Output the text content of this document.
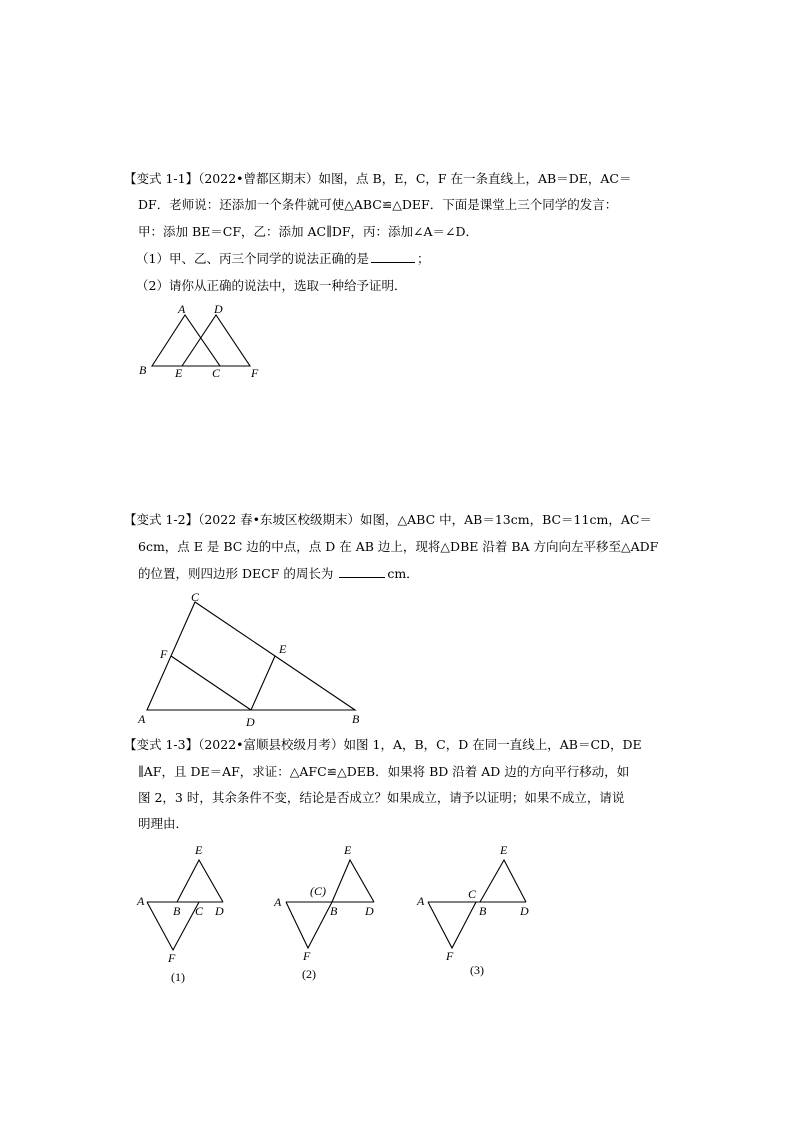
【变式 1-1】（2022•曾都区期末）如图，点 B，E，C，F 在一条直线上，AB＝DE，AC＝
DF．老师说：还添加一个条件就可使△ABC≌△DEF．下面是课堂上三个同学的发言：
甲：添加 BE＝CF，乙：添加 AC∥DF，丙：添加∠A＝∠D．
（1）甲、乙、丙三个同学的说法正确的是	；
（2）请你从正确的说法中，选取一种给予证明．
A D
B E C	F
【变式 1-2】（2022 春•东坡区校级期末）如图，△ABC 中，AB＝13cm，BC＝11cm，AC＝
6cm，点 E 是 BC 边的中点，点 D 在 AB 边上，现将△DBE 沿着 BA 方向向左平移至△ADF
的位置，则四边形 DECF 的周长为	cm．
C
F	E
A	D	B
【变式 1-3】（2022•富顺县校级月考）如图 1，A，B，C，D 在同一直线上，AB＝CD，DE
∥AF，且 DE＝AF，求证：△AFC≌△DEB．如果将 BD 沿着 AD 边的方向平行移动，如
图 2，3 时，其余条件不变，结论是否成立？如果成立，请予以证明；如果不成立，请说
明理由．
E
A
B C D
F
(1)
E
(C)
A
B D
F
(2)
E
A	C
B	D
F
(3)
